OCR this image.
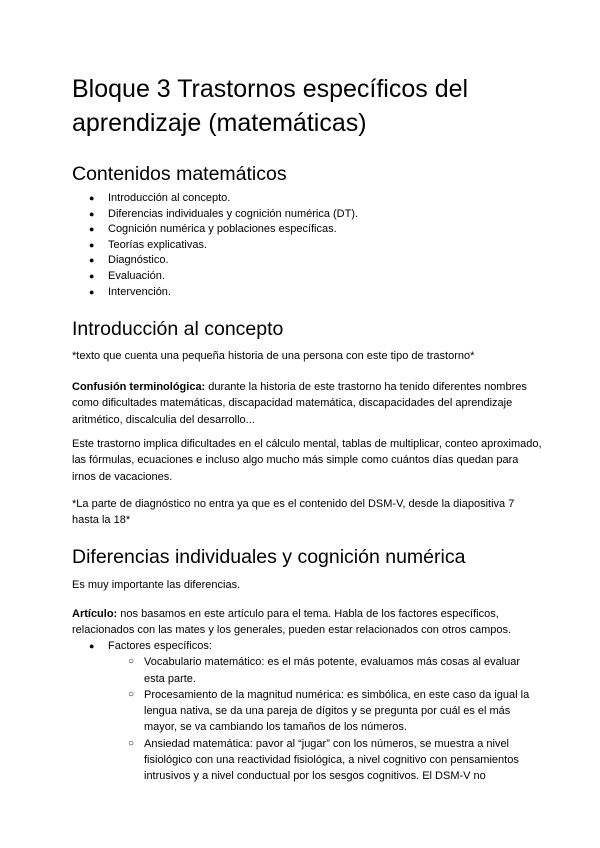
Bloque 3 Trastornos específicos del aprendizaje (matemáticas)
Contenidos matemáticos
● Introducción al concepto.
● Diferencias individuales y cognición numérica (DT).
● Cognición numérica y poblaciones específicas.
● Teorías explicativas.
● Diagnóstico.
● Evaluación.
● Intervención.
Introducción al concepto

*texto que cuenta una pequeña historia de una persona con este tipo de trastorno*

Confusión terminológica: durante la historia de este trastorno ha tenido diferentes nombres como dificultades matemáticas, discapacidad matemática, discapacidades del aprendizaje aritmético, discalculia del desarrollo...

Este trastorno implica dificultades en el cálculo mental, tablas de multiplicar, conteo aproximado, las fórmulas, ecuaciones e incluso algo mucho más simple como cuántos días quedan para irnos de vacaciones.

*La parte de diagnóstico no entra ya que es el contenido del DSM-V, desde la diapositiva 7 hasta la 18*

Diferencias individuales y cognición numérica

Es muy importante las diferencias.

Artículo: nos basamos en este artículo para el tema. Habla de los factores específicos, relacionados con las mates y los generales, pueden estar relacionados con otros campos.

● Factores específicos:
○ Vocabulario matemático: es el más potente, evaluamos más cosas al evaluar esta parte.
○ Procesamiento de la magnitud numérica: es simbólica, en este caso da igual la lengua nativa, se da una pareja de dígitos y se pregunta por cuál es el más mayor, se va cambiando los tamaños de los números.
○ Ansiedad matemática: pavor al “jugar” con los números, se muestra a nivel fisiológico con una reactividad fisiológica, a nivel cognitivo con pensamientos intrusivos y a nivel conductual por los sesgos cognitivos. El DSM-V no
